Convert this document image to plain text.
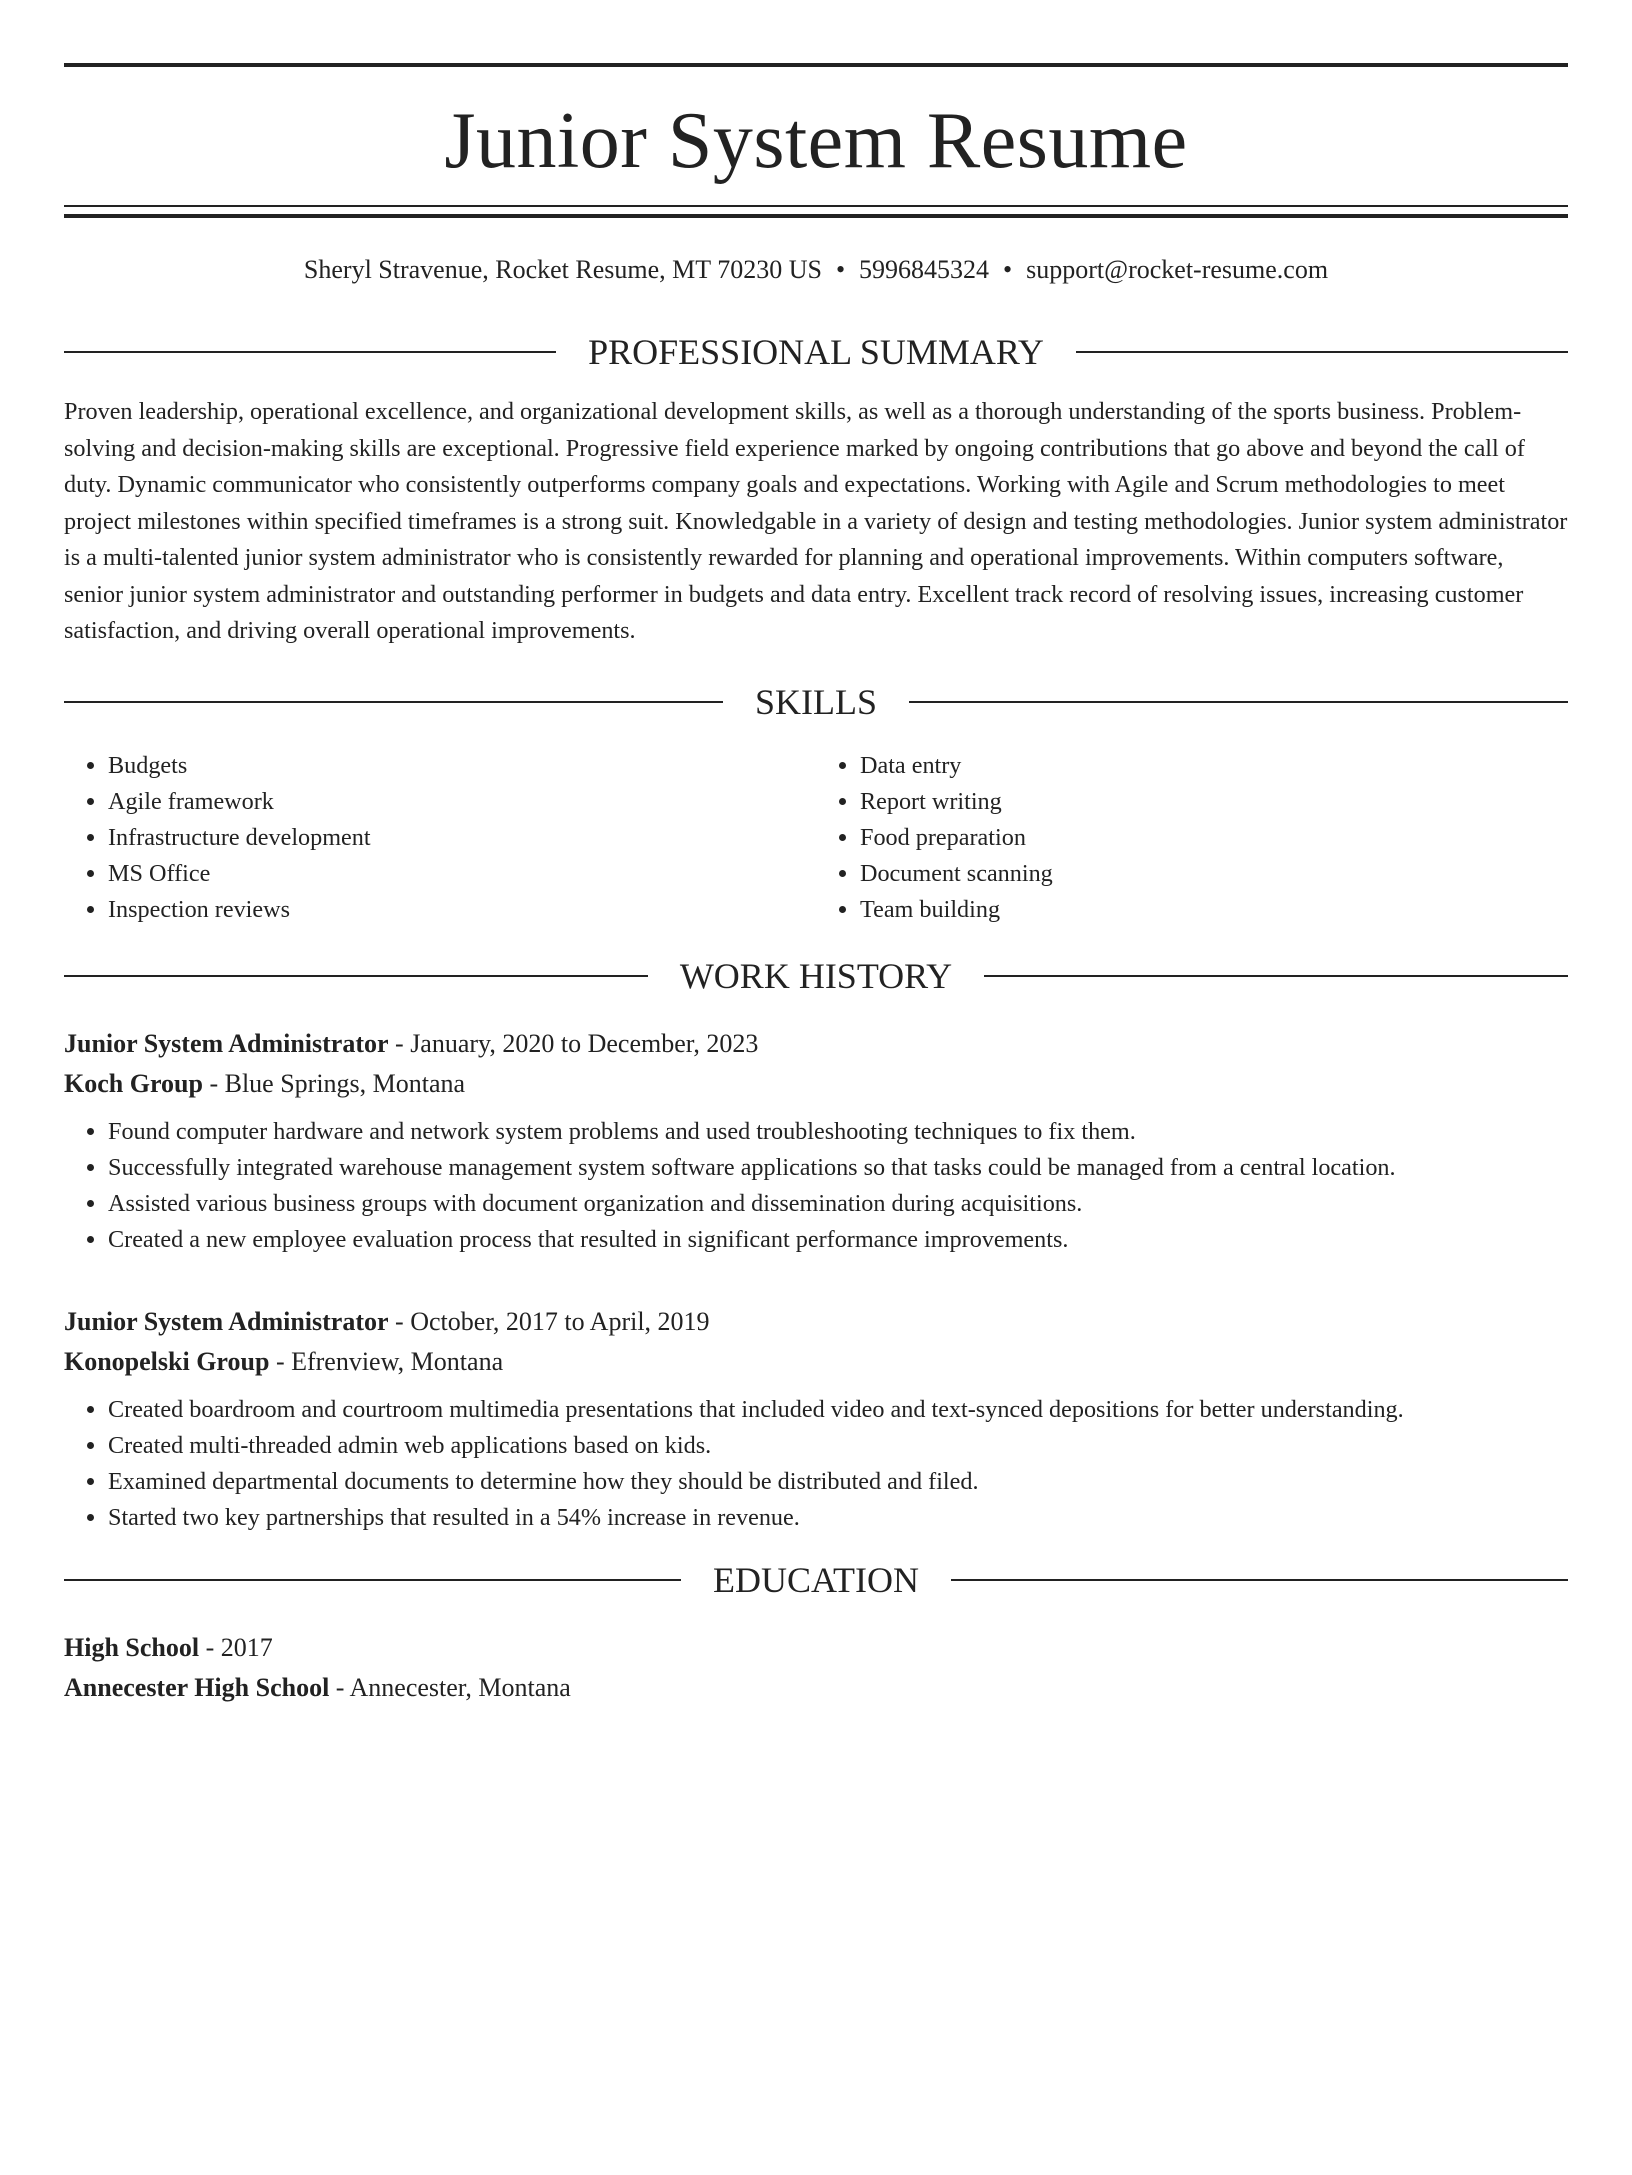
Junior System Resume
Sheryl Stravenue, Rocket Resume, MT 70230 US • 5996845324 • support@rocket-resume.com
PROFESSIONAL SUMMARY
Proven leadership, operational excellence, and organizational development skills, as well as a thorough understanding of the sports business. Problem-solving and decision-making skills are exceptional. Progressive field experience marked by ongoing contributions that go above and beyond the call of duty. Dynamic communicator who consistently outperforms company goals and expectations. Working with Agile and Scrum methodologies to meet project milestones within specified timeframes is a strong suit. Knowledgable in a variety of design and testing methodologies. Junior system administrator is a multi-talented junior system administrator who is consistently rewarded for planning and operational improvements. Within computers software, senior junior system administrator and outstanding performer in budgets and data entry. Excellent track record of resolving issues, increasing customer satisfaction, and driving overall operational improvements.
SKILLS
• Budgets
• Agile framework
• Infrastructure development
• MS Office
• Inspection reviews
• Data entry
• Report writing
• Food preparation
• Document scanning
• Team building
WORK HISTORY
Junior System Administrator - January, 2020 to December, 2023
Koch Group - Blue Springs, Montana
• Found computer hardware and network system problems and used troubleshooting techniques to fix them.
• Successfully integrated warehouse management system software applications so that tasks could be managed from a central location.
• Assisted various business groups with document organization and dissemination during acquisitions.
• Created a new employee evaluation process that resulted in significant performance improvements.
Junior System Administrator - October, 2017 to April, 2019
Konopelski Group - Efrenview, Montana
• Created boardroom and courtroom multimedia presentations that included video and text-synced depositions for better understanding.
• Created multi-threaded admin web applications based on kids.
• Examined departmental documents to determine how they should be distributed and filed.
• Started two key partnerships that resulted in a 54% increase in revenue.
EDUCATION
High School - 2017
Annecester High School - Annecester, Montana
